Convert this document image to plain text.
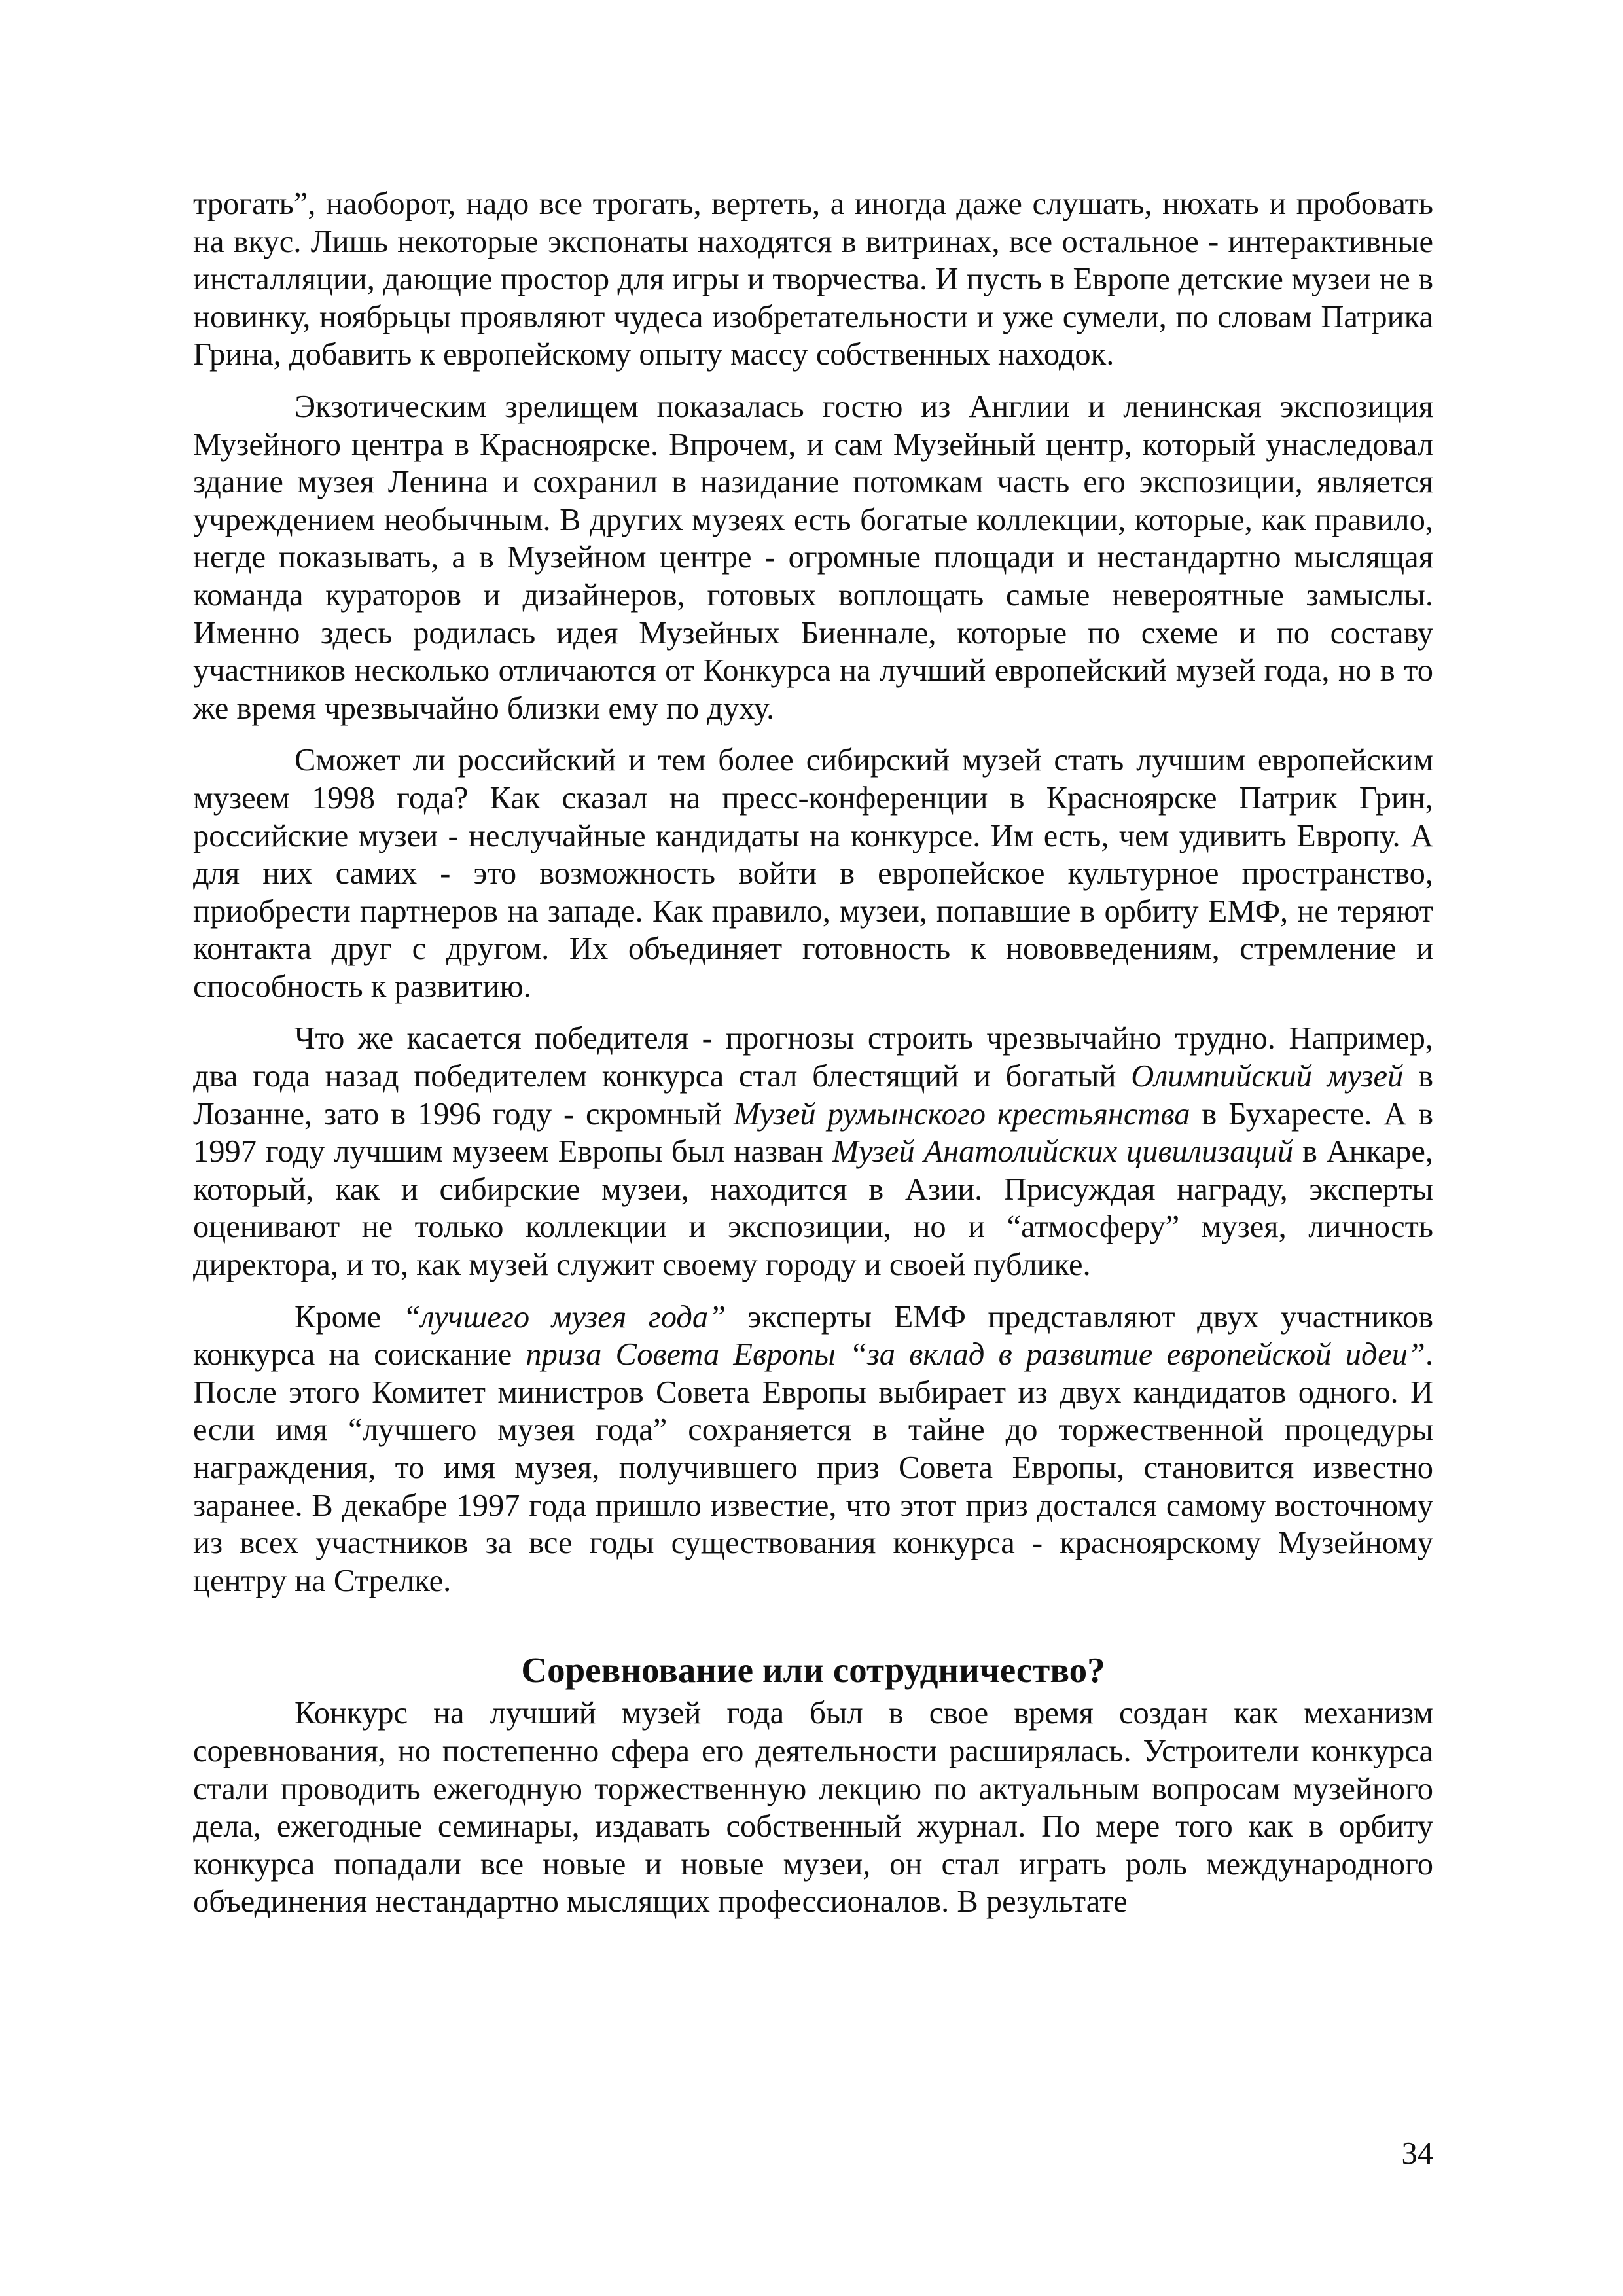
трогать”, наоборот, надо все трогать, вертеть, а иногда даже слушать, нюхать и пробовать на вкус. Лишь некоторые экспонаты находятся в витринах, все остальное - интерактивные инсталляции, дающие простор для игры и творчества. И пусть в Европе детские музеи не в новинку, ноябрьцы проявляют чудеса изобретательности и уже сумели, по словам Патрика Грина, добавить к европейскому опыту массу собственных находок.

Экзотическим зрелищем показалась гостю из Англии и ленинская экспозиция Музейного центра в Красноярске. Впрочем, и сам Музейный центр, который унаследовал здание музея Ленина и сохранил в назидание потомкам часть его экспозиции, является учреждением необычным. В других музеях есть богатые коллекции, которые, как правило, негде показывать, а в Музейном центре - огромные площади и нестандартно мыслящая команда кураторов и дизайнеров, готовых воплощать самые невероятные замыслы. Именно здесь родилась идея Музейных Биеннале, которые по схеме и по составу участников несколько отличаются от Конкурса на лучший европейский музей года, но в то же время чрезвычайно близки ему по духу.

Сможет ли российский и тем более сибирский музей стать лучшим европейским музеем 1998 года? Как сказал на пресс-конференции в Красноярске Патрик Грин, российские музеи - неслучайные кандидаты на конкурсе. Им есть, чем удивить Европу. А для них самих - это возможность войти в европейское культурное пространство, приобрести партнеров на западе. Как правило, музеи, попавшие в орбиту ЕМФ, не теряют контакта друг с другом. Их объединяет готовность к нововведениям, стремление и способность к развитию.

Что же касается победителя - прогнозы строить чрезвычайно трудно. Например, два года назад победителем конкурса стал блестящий и богатый Олимпийский музей в Лозанне, зато в 1996 году - скромный Музей румынского крестьянства в Бухаресте. А в 1997 году лучшим музеем Европы был назван Музей Анатолийских цивилизаций в Анкаре, который, как и сибирские музеи, находится в Азии. Присуждая награду, эксперты оценивают не только коллекции и экспозиции, но и “атмосферу” музея, личность директора, и то, как музей служит своему городу и своей публике.

Кроме “лучшего музея года” эксперты ЕМФ представляют двух участников конкурса на соискание приза Совета Европы “за вклад в развитие европейской идеи”. После этого Комитет министров Совета Европы выбирает из двух кандидатов одного. И если имя “лучшего музея года” сохраняется в тайне до торжественной процедуры награждения, то имя музея, получившего приз Совета Европы, становится известно заранее. В декабре 1997 года пришло известие, что этот приз достался самому восточному из всех участников за все годы существования конкурса - красноярскому Музейному центру на Стрелке.

Соревнование или сотрудничество?

Конкурс на лучший музей года был в свое время создан как механизм соревнования, но постепенно сфера его деятельности расширялась. Устроители конкурса стали проводить ежегодную торжественную лекцию по актуальным вопросам музейного дела, ежегодные семинары, издавать собственный журнал. По мере того как в орбиту конкурса попадали все новые и новые музеи, он стал играть роль международного объединения нестандартно мыслящих профессионалов. В результате

34
